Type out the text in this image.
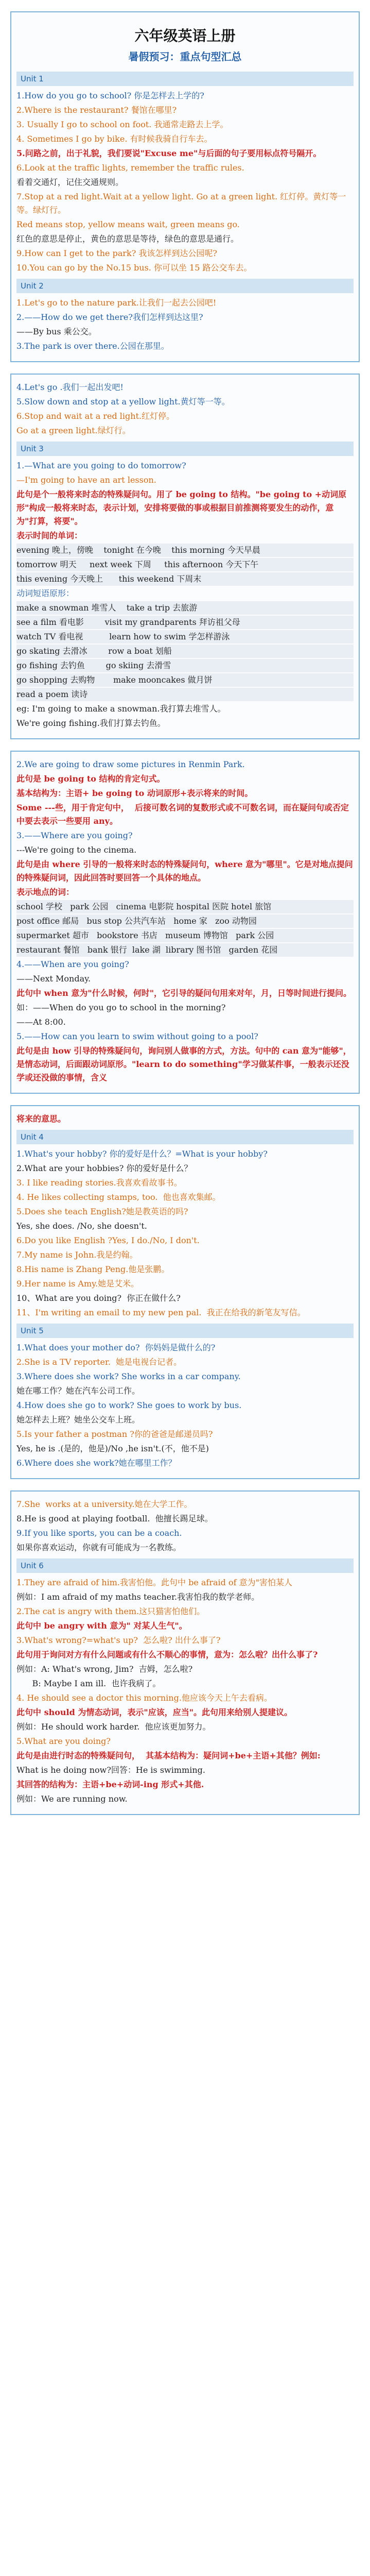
六年级英语上册
暑假预习：重点句型汇总
Unit 1
1.How do you go to school? 你是怎样去上学的?
2.Where is the restaurant? 餐馆在哪里?
3. Usually I go to school on foot. 我通常走路去上学。
4. Sometimes I go by bike. 有时候我骑自行车去。
5.问路之前，出于礼貌，我们要说"Excuse me"与后面的句子要用标点符号隔开。
6.Look at the traffic lights, remember the traffic rules.
看着交通灯，记住交通规则。
7.Stop at a red light.Wait at a yellow light. Go at a green light. 红灯停。黄灯等一等。绿灯行。
Red means stop, yellow means wait, green means go.
红色的意思是停止，黄色的意思是等待，绿色的意思是通行。
9.How can I get to the park? 我该怎样到达公园呢?
10.You can go by the No.15 bus. 你可以坐 15 路公交车去。
Unit 2
1.Let's go to the nature park.让我们一起去公园吧!
2.——How do we get there?我们怎样到达这里?
——By bus 乘公交。
3.The park is over there.公园在那里。
4.Let's go .我们一起出发吧!
5.Slow down and stop at a yellow light.黄灯等一等。
6.Stop and wait at a red light.红灯停。
Go at a green light.绿灯行。
Unit 3
1.—What are you going to do tomorrow?
—I'm going to have an art lesson.
此句是个一般将来时态的特殊疑问句。用了 be going to 结构。"be going to +动词原形"构成一般将来时态，表示计划，安排将要做的事或根据目前推测将要发生的动作，意为"打算，将要"。
表示时间的单词：
evening 晚上，傍晚    tonight 在今晚    this morning 今天早晨
tomorrow 明天     next week 下周     this afternoon 今天下午
this evening 今天晚上      this weekend 下周末
动词短语原形：
make a snowman 堆雪人    take a trip 去旅游
see a film 看电影        visit my grandparents 拜访祖父母
watch TV 看电视          learn how to swim 学怎样游泳
go skating 去滑冰        row a boat 划船
go fishing 去钓鱼        go skiing 去滑雪
go shopping 去购物       make mooncakes 做月饼
read a poem 读诗
eg: I'm going to make a snowman.我打算去堆雪人。
We're going fishing.我们打算去钓鱼。
2.We are going to draw some pictures in Renmin Park.
此句是 be going to 结构的肯定句式。
基本结构为：主语+ be going to 动词原形+表示将来的时间。
Some ---些，用于肯定句中，  后接可数名词的复数形式或不可数名词，而在疑问句或否定中要去表示一些要用 any。
3.——Where are you going?
---We're going to the cinema.
此句是由 where 引导的一般将来时态的特殊疑问句，where 意为"哪里"。它是对地点提问的特殊疑问词，因此回答时要回答一个具体的地点。
表示地点的词：
school 学校   park 公园   cinema 电影院 hospital 医院 hotel 旅馆
post office 邮局   bus stop 公共汽车站   home 家   zoo 动物园
supermarket 超市   bookstore 书店   museum 博物馆   park 公园
restaurant 餐馆   bank 银行  lake 湖  library 图书馆   garden 花园
4.——When are you going?
——Next Monday.
此句中 when 意为"什么时候，何时"，它引导的疑问句用来对年，月，日等时间进行提问。
如：——When do you go to school in the morning?
——At 8:00.
5.——How can you learn to swim without going to a pool?
此句是由 how 引导的特殊疑问句，询问别人做事的方式，方法。句中的 can 意为"能够"，是情态动词，后面跟动词原形。"learn to do something"学习做某件事，一般表示还没学或还没做的事情，含义
将来的意思。
Unit 4
1.What's your hobby? 你的爱好是什么？=What is your hobby?
2.What are your hobbies? 你的爱好是什么？
3. I like reading stories.我喜欢看故事书。
4. He likes collecting stamps, too.  他也喜欢集邮。
5.Does she teach English?她是教英语的吗?
Yes, she does. /No, she doesn't.
6.Do you like English ?Yes, I do./No, I don't.
7.My name is John.我是约翰。
8.His name is Zhang Peng.他是张鹏。
9.Her name is Amy.她是艾米。
10、What are you doing?  你正在做什么?
11、I'm writing an email to my new pen pal.  我正在给我的新笔友写信。
Unit 5
1.What does your mother do?  你妈妈是做什么的?
2.She is a TV reporter.  她是电视台记者。
3.Where does she work? She works in a car company.
她在哪工作？她在汽车公司工作。
4.How does she go to work? She goes to work by bus.
她怎样去上班？她坐公交车上班。
5.Is your father a postman ?你的爸爸是邮递员吗?
Yes, he is .(是的，他是)/No ,he isn't.(不，他不是)
6.Where does she work?她在哪里工作？
7.She  works at a university.她在大学工作。
8.He is good at playing football.  他擅长踢足球。
9.If you like sports, you can be a coach.
如果你喜欢运动，你就有可能成为一名教练。
Unit 6
1.They are afraid of him.我害怕他。此句中 be afraid of 意为"害怕某人
例如：I am afraid of my maths teacher.我害怕我的数学老师。
2.The cat is angry with them.这只猫害怕他们。
此句中 be angry with 意为" 对某人生气"。
3.What's wrong?=what's up?  怎么啦? 出什么事了?
此句用于询问对方有什么问题或有什么不顺心的事情，意为：怎么啦？出什么事了?
例如：A: What's wrong, Jim?  吉姆，怎么啦?
B: Maybe I am ill.  也许我病了。
4. He should see a doctor this morning.他应该今天上午去看病。
此句中 should 为情态动词，表示"应该，应当"。此句用来给别人提建议。
例如：He should work harder.  他应该更加努力。
5.What are you doing?
此句是由进行时态的特殊疑问句，  其基本结构为：疑问词+be+主语+其他？例如:
What is he doing now?回答：He is swimming.
其回答的结构为：主语+be+动词-ing 形式+其他.
例如：We are running now.
